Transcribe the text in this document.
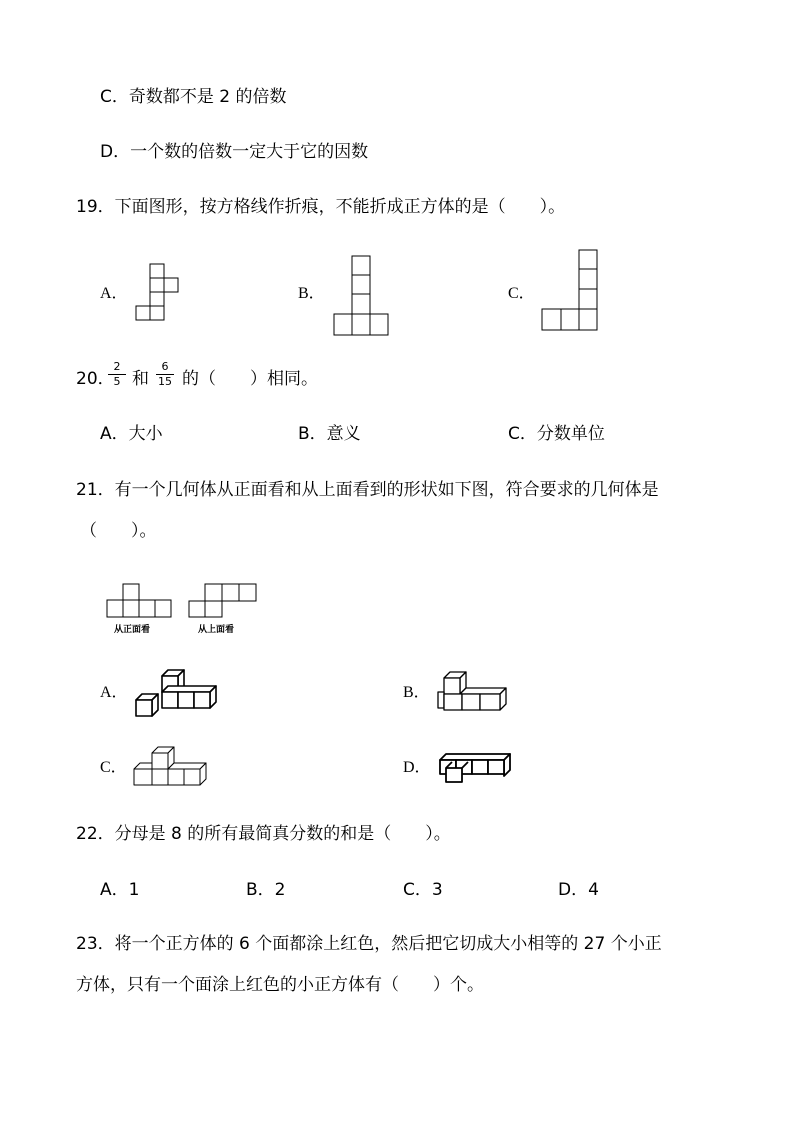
C．奇数都不是 2 的倍数
D．一个数的倍数一定大于它的因数
19．下面图形，按方格线作折痕，不能折成正方体的是（　　）。
A．	B．	C．
20．
$\frac{2}{5}$ 和 $\frac{6}{15}$ 的（　　）相同。
A．大小	B．意义	C．分数单位
21．有一个几何体从正面看和从上面看到的形状如下图，符合要求的几何体是
（　　）。
从正面看	从上面看
A．	B．
C．	D．
22．分母是 8 的所有最简真分数的和是（　　）。
A．1	B．2	C．3	D．4
23．将一个正方体的 6 个面都涂上红色，然后把它切成大小相等的 27 个小正
方体，只有一个面涂上红色的小正方体有（　　）个。
